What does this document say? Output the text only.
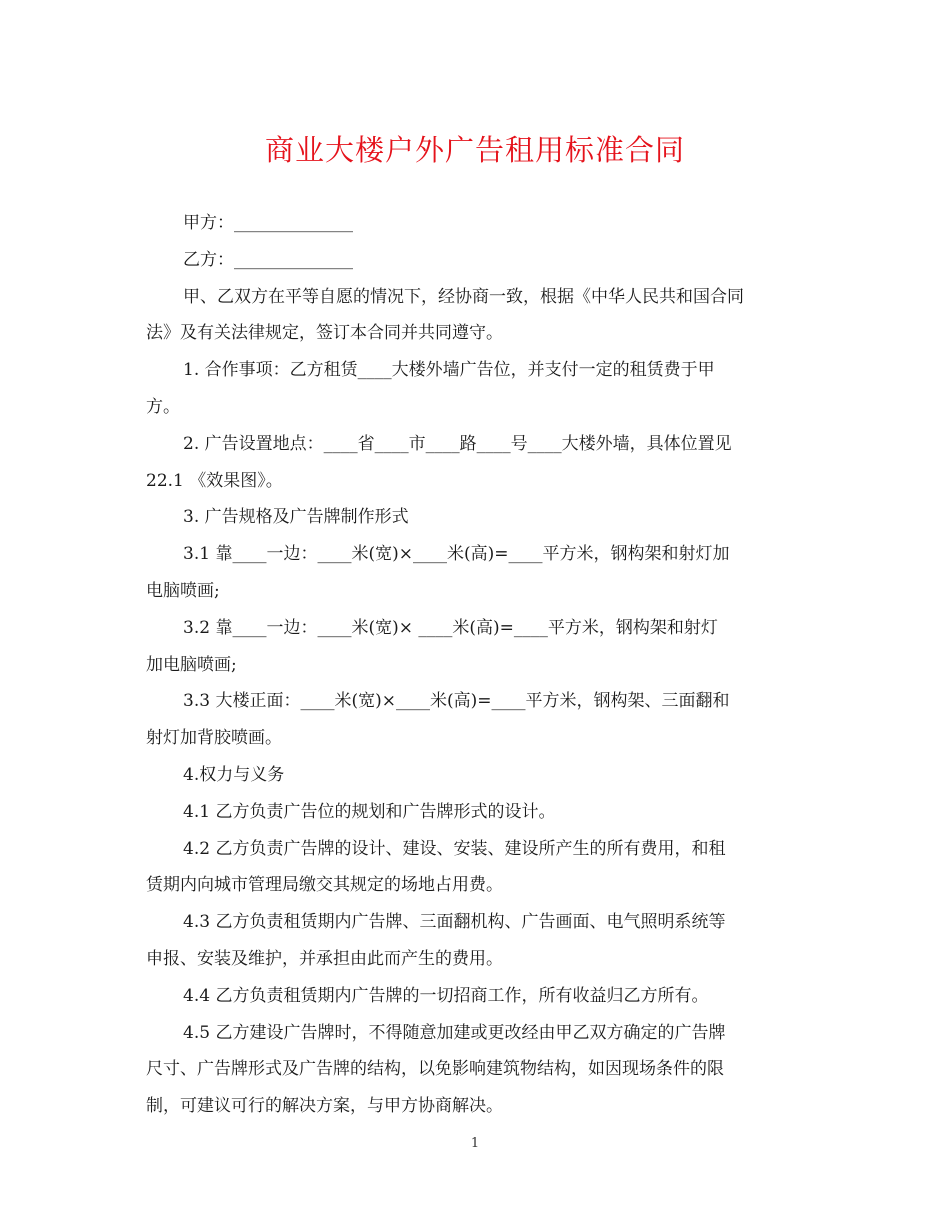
商业大楼户外广告租用标准合同
甲方：______________
乙方：______________
甲、乙双方在平等自愿的情况下，经协商一致，根据《中华人民共和国合同
法》及有关法律规定，签订本合同并共同遵守。
1. 合作事项：乙方租赁____大楼外墙广告位，并支付一定的租赁费于甲
方。
2. 广告设置地点：____省____市____路____号____大楼外墙，具体位置见
22.1 《效果图》。
3. 广告规格及广告牌制作形式
3.1 靠____一边：____米(宽)×____米(高)=____平方米，钢构架和射灯加
电脑喷画;
3.2 靠____一边：____米(宽)× ____米(高)=____平方米，钢构架和射灯
加电脑喷画;
3.3 大楼正面：____米(宽)×____米(高)=____平方米，钢构架、三面翻和
射灯加背胶喷画。
4.权力与义务
4.1 乙方负责广告位的规划和广告牌形式的设计。
4.2 乙方负责广告牌的设计、建设、安装、建设所产生的所有费用，和租
赁期内向城市管理局缴交其规定的场地占用费。
4.3 乙方负责租赁期内广告牌、三面翻机构、广告画面、电气照明系统等
申报、安装及维护，并承担由此而产生的费用。
4.4 乙方负责租赁期内广告牌的一切招商工作，所有收益归乙方所有。
4.5 乙方建设广告牌时，不得随意加建或更改经由甲乙双方确定的广告牌
尺寸、广告牌形式及广告牌的结构，以免影响建筑物结构，如因现场条件的限
制，可建议可行的解决方案，与甲方协商解决。
1
